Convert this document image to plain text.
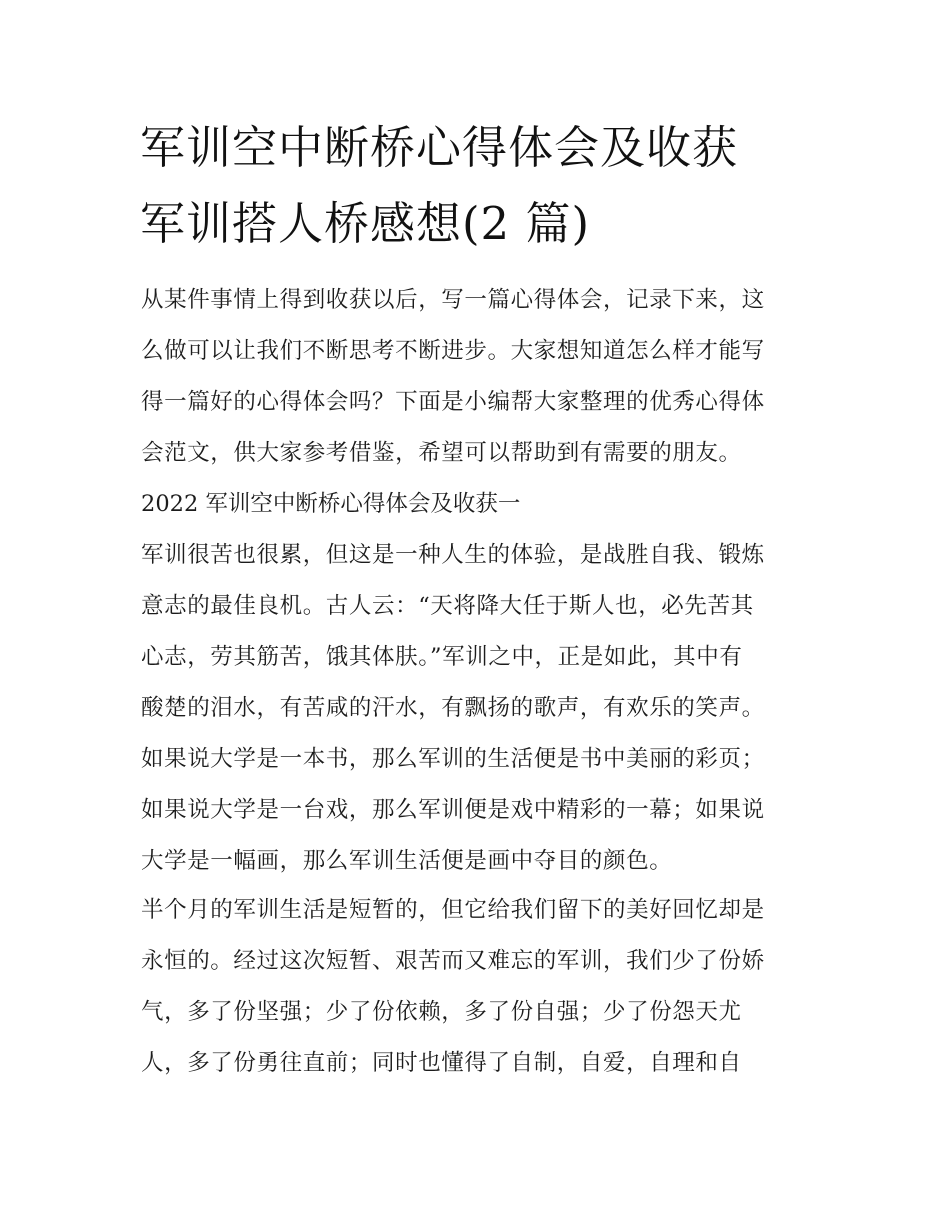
军训空中断桥心得体会及收获
军训搭人桥感想(2 篇)
从某件事情上得到收获以后，写一篇心得体会，记录下来，这
么做可以让我们不断思考不断进步。大家想知道怎么样才能写
得一篇好的心得体会吗？下面是小编帮大家整理的优秀心得体
会范文，供大家参考借鉴，希望可以帮助到有需要的朋友。
2022 军训空中断桥心得体会及收获一
军训很苦也很累，但这是一种人生的体验，是战胜自我、锻炼
意志的最佳良机。古人云：“天将降大任于斯人也，必先苦其
心志，劳其筋苦，饿其体肤。”军训之中，正是如此，其中有
酸楚的泪水，有苦咸的汗水，有飘扬的歌声，有欢乐的笑声。
如果说大学是一本书，那么军训的生活便是书中美丽的彩页；
如果说大学是一台戏，那么军训便是戏中精彩的一幕；如果说
大学是一幅画，那么军训生活便是画中夺目的颜色。
半个月的军训生活是短暂的，但它给我们留下的美好回忆却是
永恒的。经过这次短暂、艰苦而又难忘的军训，我们少了份娇
气，多了份坚强；少了份依赖，多了份自强；少了份怨天尤
人，多了份勇往直前；同时也懂得了自制，自爱，自理和自
